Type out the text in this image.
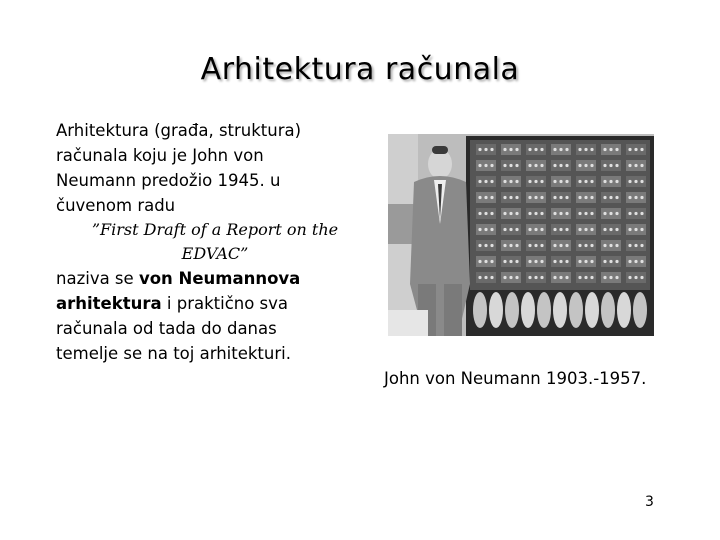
Arhitektura računala

Arhitektura (građa, struktura)

računala koju je John von

Neumann predožio 1945. u

čuvenom radu

”First Draft of a Report on the

EDVAC”

naziva se von Neumannova

arhitektura i praktično sva

računala od tada do danas

temelje se na toj arhitekturi.

John von Neumann 1903.-1957.
3
